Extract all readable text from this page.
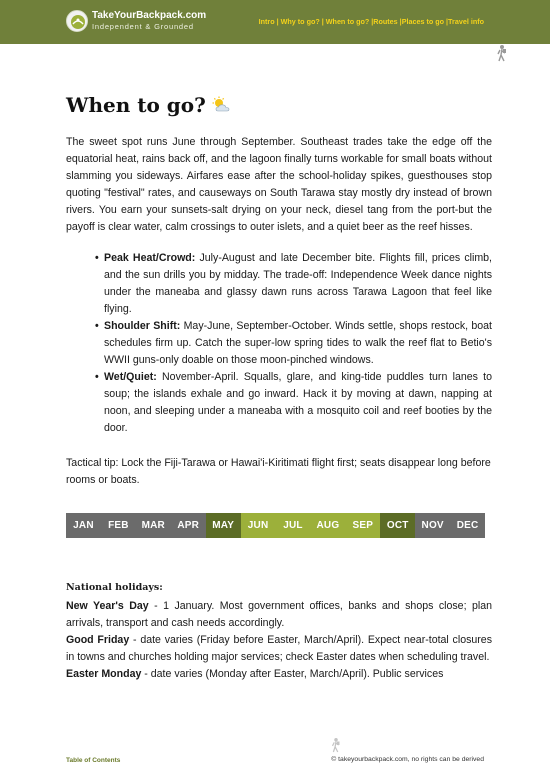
TakeYourBackpack.com
Independent & Grounded
Intro | Why to go? | When to go? | Routes | Places to go | Travel info
When to go?

The sweet spot runs June through September. Southeast trades take the edge off the equatorial heat, rains back off, and the lagoon finally turns workable for small boats without slamming you sideways. Airfares ease after the school-holiday spikes, guesthouses stop quoting "festival" rates, and causeways on South Tarawa stay mostly dry instead of brown rivers. You earn your sunsets-salt drying on your neck, diesel tang from the port-but the payoff is clear water, calm crossings to outer islets, and a quiet beer as the reef hisses.

• Peak Heat/Crowd: July-August and late December bite. Flights fill, prices climb, and the sun drills you by midday. The trade-off: Independence Week dance nights under the maneaba and glassy dawn runs across Tarawa Lagoon that feel like flying.
• Shoulder Shift: May-June, September-October. Winds settle, shops restock, boat schedules firm up. Catch the super-low spring tides to walk the reef flat to Betio's WWII guns-only doable on those moon-pinched windows.
• Wet/Quiet: November-April. Squalls, glare, and king-tide puddles turn lanes to soup; the islands exhale and go inward. Hack it by moving at dawn, napping at noon, and sleeping under a maneaba with a mosquito coil and reef booties by the door.

Tactical tip: Lock the Fiji-Tarawa or Hawai'i-Kiritimati flight first; seats disappear long before rooms or boats.

JAN	FEB	MAR	APR	MAY	JUN	JUL	AUG	SEP	OCT	NOV	DEC
National holidays:

New Year's Day - 1 January. Most government offices, banks and shops close; plan arrivals, transport and cash needs accordingly.

Good Friday - date varies (Friday before Easter, March/April). Expect near-total closures in towns and churches holding major services; check Easter dates when scheduling travel.

Easter Monday - date varies (Monday after Easter, March/April). Public services

Table of Contents	© takeyourbackpack.com, no rights can be derived
